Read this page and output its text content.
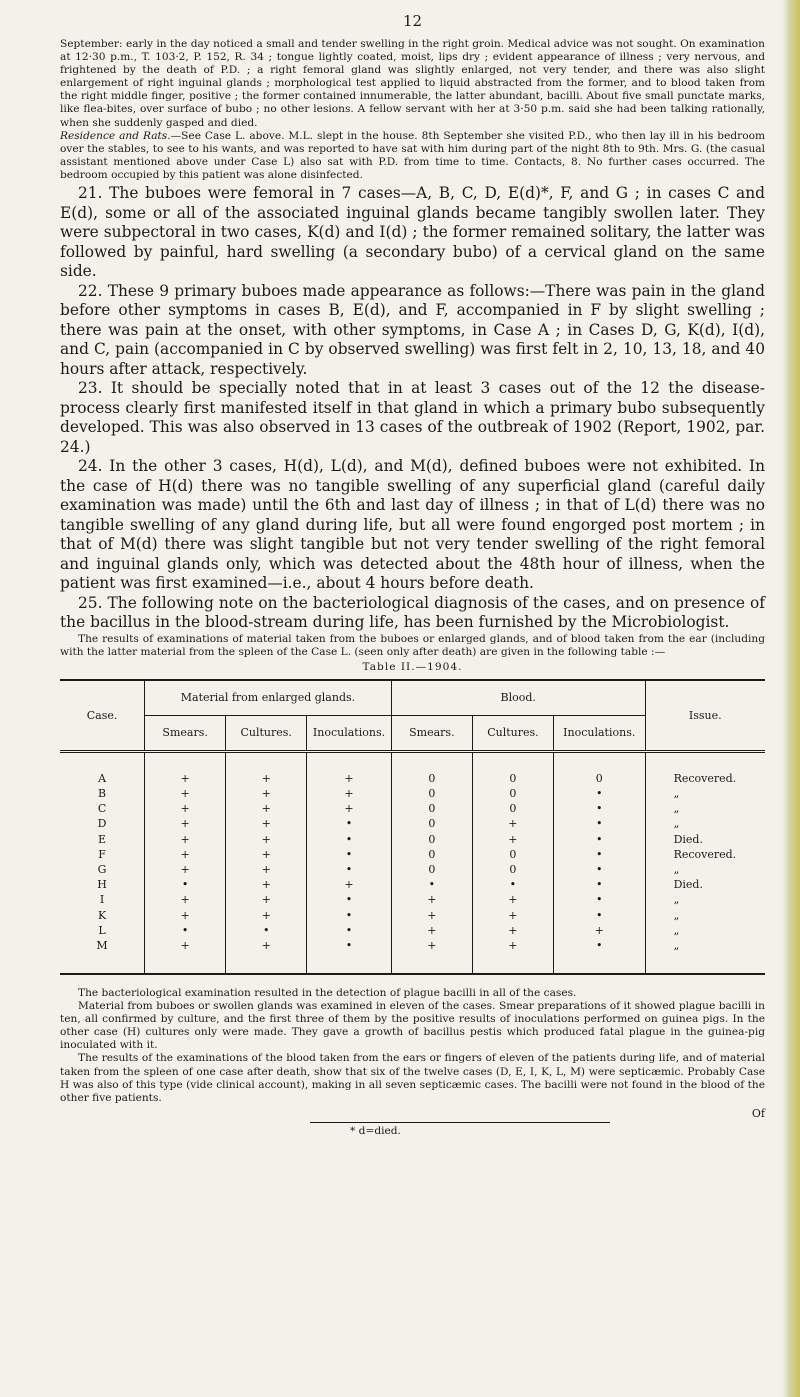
12

September: early in the day noticed a small and tender swelling in the right groin. Medical advice was not sought. On examination at 12·30 p.m., T. 103·2, P. 152, R. 34 ; tongue lightly coated, moist, lips dry ; evident appearance of illness ; very nervous, and frightened by the death of P.D. ; a right femoral gland was slightly enlarged, not very tender, and there was also slight enlargement of right inguinal glands ; morphological test applied to liquid abstracted from the former, and to blood taken from the right middle finger, positive ; the former contained innumerable, the latter abundant, bacilli. About five small punctate marks, like flea-bites, over surface of bubo ; no other lesions. A fellow servant with her at 3·50 p.m. said she had been talking rationally, when she suddenly gasped and died.

Residence and Rats.—See Case L. above. M.L. slept in the house. 8th September she visited P.D., who then lay ill in his bedroom over the stables, to see to his wants, and was reported to have sat with him during part of the night 8th to 9th. Mrs. G. (the casual assistant mentioned above under Case L) also sat with P.D. from time to time. Contacts, 8. No further cases occurred. The bedroom occupied by this patient was alone disinfected.

21. The buboes were femoral in 7 cases—A, B, C, D, E(d)*, F, and G ; in cases C and E(d), some or all of the associated inguinal glands became tangibly swollen later. They were subpectoral in two cases, K(d) and I(d) ; the former remained solitary, the latter was followed by painful, hard swelling (a secondary bubo) of a cervical gland on the same side.

22. These 9 primary buboes made appearance as follows:—There was pain in the gland before other symptoms in cases B, E(d), and F, accompanied in F by slight swelling ; there was pain at the onset, with other symptoms, in Case A ; in Cases D, G, K(d), I(d), and C, pain (accompanied in C by observed swelling) was first felt in 2, 10, 13, 18, and 40 hours after attack, respectively.

23. It should be specially noted that in at least 3 cases out of the 12 the disease-process clearly first manifested itself in that gland in which a primary bubo subsequently developed. This was also observed in 13 cases of the outbreak of 1902 (Report, 1902, par. 24.)

24. In the other 3 cases, H(d), L(d), and M(d), defined buboes were not exhibited. In the case of H(d) there was no tangible swelling of any superficial gland (careful daily examination was made) until the 6th and last day of illness ; in that of L(d) there was no tangible swelling of any gland during life, but all were found engorged post mortem ; in that of M(d) there was slight tangible but not very tender swelling of the right femoral and inguinal glands only, which was detected about the 48th hour of illness, when the patient was first examined—i.e., about 4 hours before death.

25. The following note on the bacteriological diagnosis of the cases, and on presence of the bacillus in the blood-stream during life, has been furnished by the Microbiologist.

The results of examinations of material taken from the buboes or enlarged glands, and of blood taken from the ear (including with the latter material from the spleen of the Case L. (seen only after death) are given in the following table :—

Table II.—1904.
Case.	Material from enlarged glands.			Blood.			Issue.
	Smears.	Cultures.	Inoculations.	Smears.	Cultures.	Inoculations.	
A	+	+	+	0	0	0	Recovered.
B	+	+	+	0	0	•	„
C	+	+	+	0	0	•	„
D	+	+	•	0	+	•	„
E	+	+	•	0	+	•	Died.
F	+	+	•	0	0	•	Recovered.
G	+	+	•	0	0	•	„
H	•	+	+	•	•	•	Died.
I	+	+	•	+	+	•	„
K	+	+	•	+	+	•	„
L	•	•	•	+	+	+	„
M	+	+	•	+	+	•	„

The bacteriological examination resulted in the detection of plague bacilli in all of the cases.

Material from buboes or swollen glands was examined in eleven of the cases. Smear preparations of it showed plague bacilli in ten, all confirmed by culture, and the first three of them by the positive results of inoculations performed on guinea pigs. In the other case (H) cultures only were made. They gave a growth of bacillus pestis which produced fatal plague in the guinea-pig inoculated with it.

The results of the examinations of the blood taken from the ears or fingers of eleven of the patients during life, and of material taken from the spleen of one case after death, show that six of the twelve cases (D, E, I, K, L, M) were septicæmic. Probably Case H was also of this type (vide clinical account), making in all seven septicæmic cases. The bacilli were not found in the blood of the other five patients.

Of
* d=died.
